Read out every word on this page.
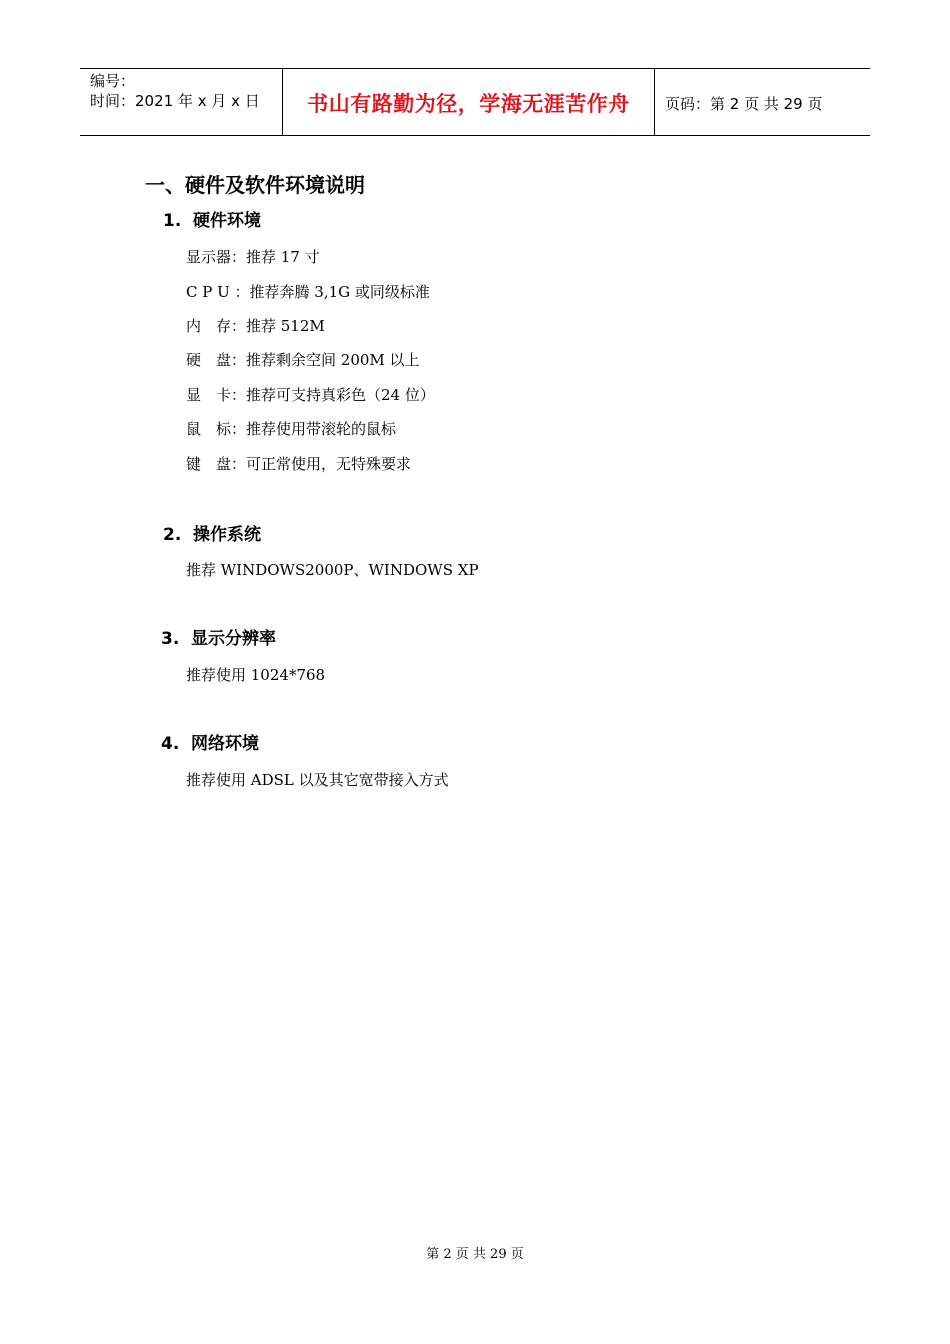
编号：
时间：2021 年 x 月 x 日	书山有路勤为径，学海无涯苦作舟 页码：第 2 页 共 29 页
一、硬件及软件环境说明
1. 硬件环境
显示器：推荐 17 寸
C P U ：推荐奔腾 3,1G 或同级标准
内　存：推荐 512M
硬　盘：推荐剩余空间 200M 以上
显　卡：推荐可支持真彩色（24 位）
鼠　标：推荐使用带滚轮的鼠标
键　盘：可正常使用，无特殊要求
2. 操作系统
推荐 WINDOWS2000P、WINDOWS XP
3. 显示分辨率
推荐使用 1024*768
4. 网络环境
推荐使用 ADSL 以及其它宽带接入方式
第 2 页 共 29 页
